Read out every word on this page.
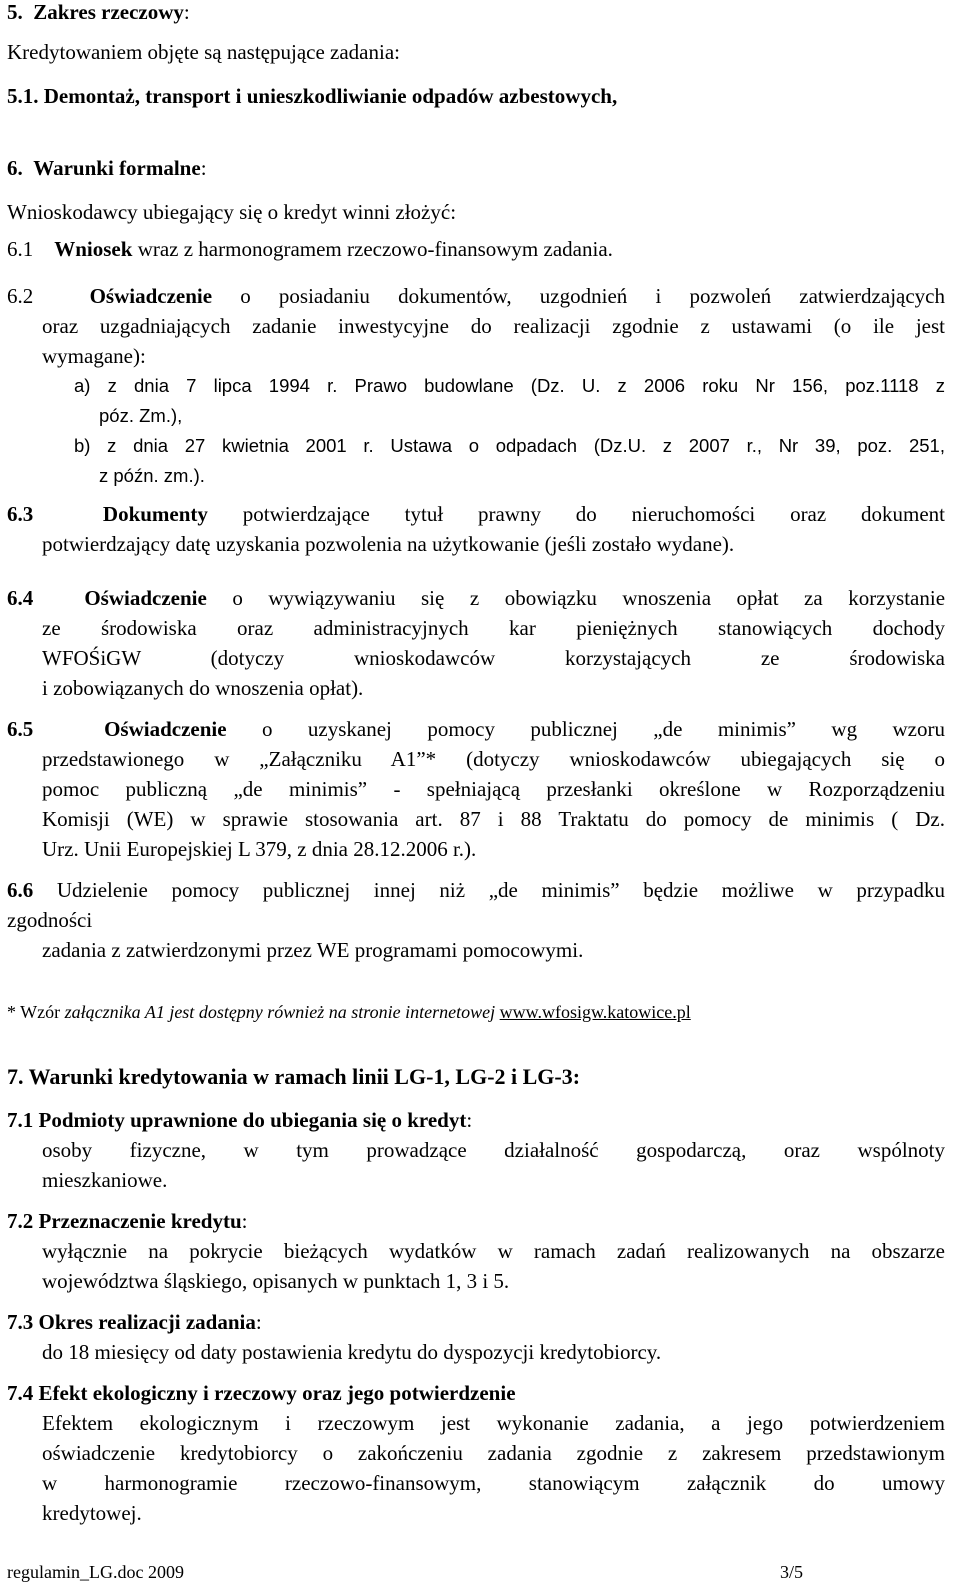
5. Zakres rzeczowy:
Kredytowaniem objęte są następujące zadania:
5.1. Demontaż, transport i unieszkodliwianie odpadów azbestowych,
6. Warunki formalne:
Wnioskodawcy ubiegający się o kredyt winni złożyć:
6.1 Wniosek wraz z harmonogramem rzeczowo-finansowym zadania.
6.2	Oświadczenie o posiadaniu dokumentów, uzgodnień i pozwoleń zatwierdzających
oraz uzgadniających zadanie inwestycyjne do realizacji zgodnie z ustawami (o ile jest
wymagane):
a) z dnia 7 lipca 1994 r. Prawo budowlane (Dz. U. z 2006 roku Nr 156, poz.1118 z
póz. Zm.),
b) z dnia 27 kwietnia 2001 r. Ustawa o odpadach (Dz.U. z 2007 r., Nr 39, poz. 251,
z późn. zm.).
6.3	Dokumenty potwierdzające tytuł prawny do nieruchomości oraz dokument
potwierdzający datę uzyskania pozwolenia na użytkowanie (jeśli zostało wydane).
6.4 Oświadczenie o wywiązywaniu się z obowiązku wnoszenia opłat za korzystanie
ze środowiska oraz administracyjnych kar pieniężnych stanowiących dochody
WFOŚiGW (dotyczy wnioskodawców korzystających ze środowiska
i zobowiązanych do wnoszenia opłat).
6.5	Oświadczenie o uzyskanej pomocy publicznej „de minimis” wg wzoru
przedstawionego w „Załączniku A1”* (dotyczy wnioskodawców ubiegających się o
pomoc publiczną „de minimis” - spełniającą przesłanki określone w Rozporządzeniu
Komisji (WE) w sprawie stosowania art. 87 i 88 Traktatu do pomocy de minimis ( Dz.
Urz. Unii Europejskiej L 379, z dnia 28.12.2006 r.).
6.6 Udzielenie pomocy publicznej innej niż „de minimis” będzie możliwe w przypadku
zgodności
zadania z zatwierdzonymi przez WE programami pomocowymi.
* Wzór załącznika A1 jest dostępny również na stronie internetowej www.wfosigw.katowice.pl
7. Warunki kredytowania w ramach linii LG-1, LG-2 i LG-3:
7.1 Podmioty uprawnione do ubiegania się o kredyt:
osoby fizyczne, w tym prowadzące działalność gospodarczą, oraz wspólnoty
mieszkaniowe.
7.2 Przeznaczenie kredytu:
wyłącznie na pokrycie bieżących wydatków w ramach zadań realizowanych na obszarze
województwa śląskiego, opisanych w punktach 1, 3 i 5.
7.3 Okres realizacji zadania:
do 18 miesięcy od daty postawienia kredytu do dyspozycji kredytobiorcy.
7.4 Efekt ekologiczny i rzeczowy oraz jego potwierdzenie
Efektem ekologicznym i rzeczowym jest wykonanie zadania, a jego potwierdzeniem
oświadczenie kredytobiorcy o zakończeniu zadania zgodnie z zakresem przedstawionym
w harmonogramie rzeczowo-finansowym, stanowiącym załącznik do umowy
kredytowej.
regulamin_LG.doc 2009	3/5
